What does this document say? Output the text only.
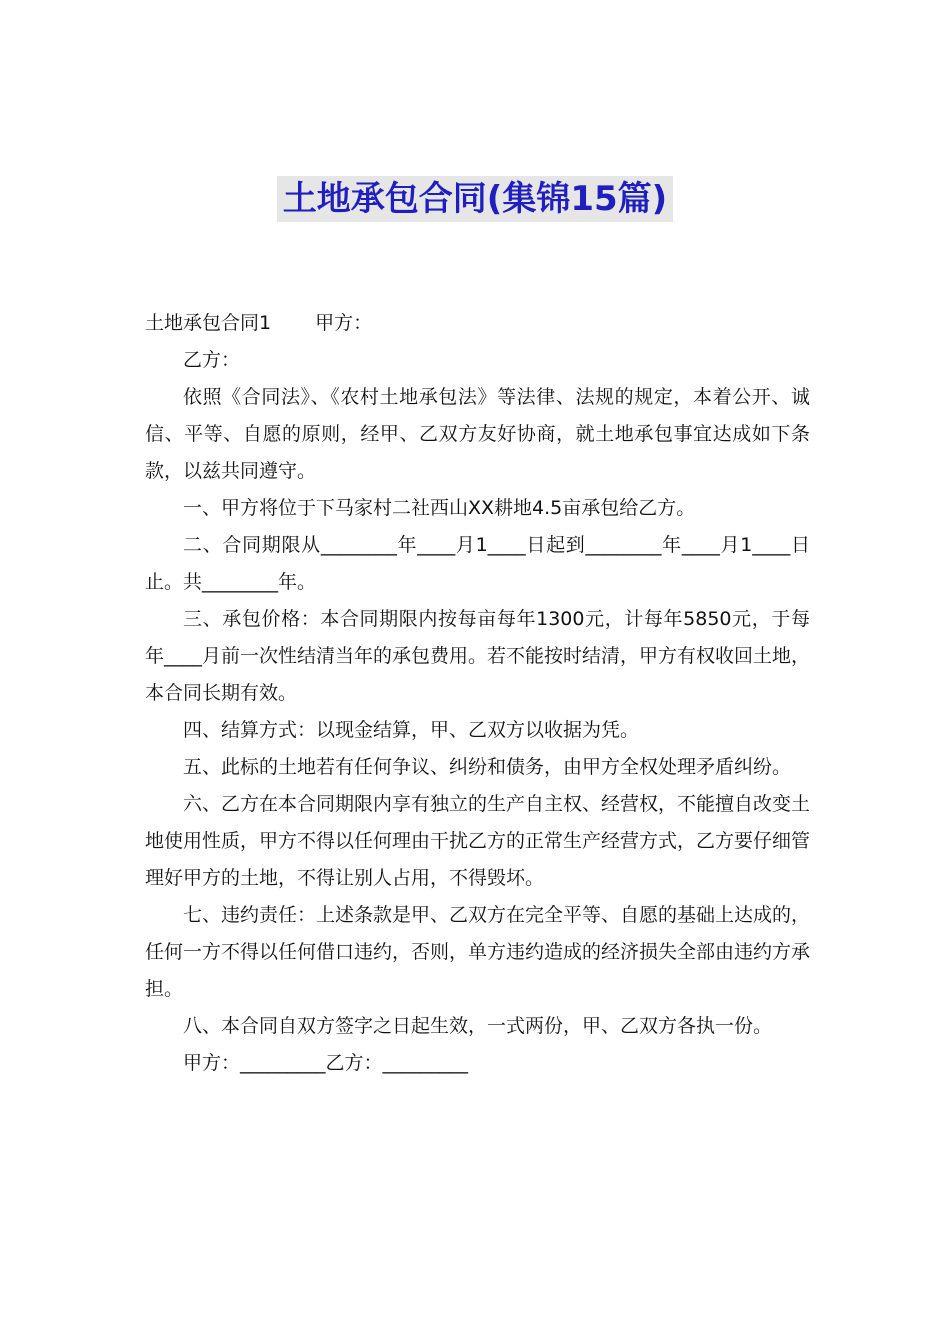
土地承包合同(集锦15篇)

土地承包合同1 甲方：

乙方：

依照《合同法》、《农村土地承包法》等法律、法规的规定，本着公开、诚信、平等、自愿的原则，经甲、乙双方友好协商，就土地承包事宜达成如下条款，以兹共同遵守。

一、甲方将位于下马家村二社西山XX耕地4.5亩承包给乙方。

二、合同期限从________年____月1____日起到________年____月1____日止。共________年。

三、承包价格：本合同期限内按每亩每年1300元，计每年5850元，于每年____月前一次性结清当年的承包费用。若不能按时结清，甲方有权收回土地，本合同长期有效。

四、结算方式：以现金结算，甲、乙双方以收据为凭。

五、此标的土地若有任何争议、纠纷和债务，由甲方全权处理矛盾纠纷。

六、乙方在本合同期限内享有独立的生产自主权、经营权，不能擅自改变土地使用性质，甲方不得以任何理由干扰乙方的正常生产经营方式，乙方要仔细管理好甲方的土地，不得让别人占用，不得毁坏。

七、违约责任：上述条款是甲、乙双方在完全平等、自愿的基础上达成的，任何一方不得以任何借口违约，否则，单方违约造成的经济损失全部由违约方承担。

八、本合同自双方签字之日起生效，一式两份，甲、乙双方各执一份。

甲方：_________乙方：_________
